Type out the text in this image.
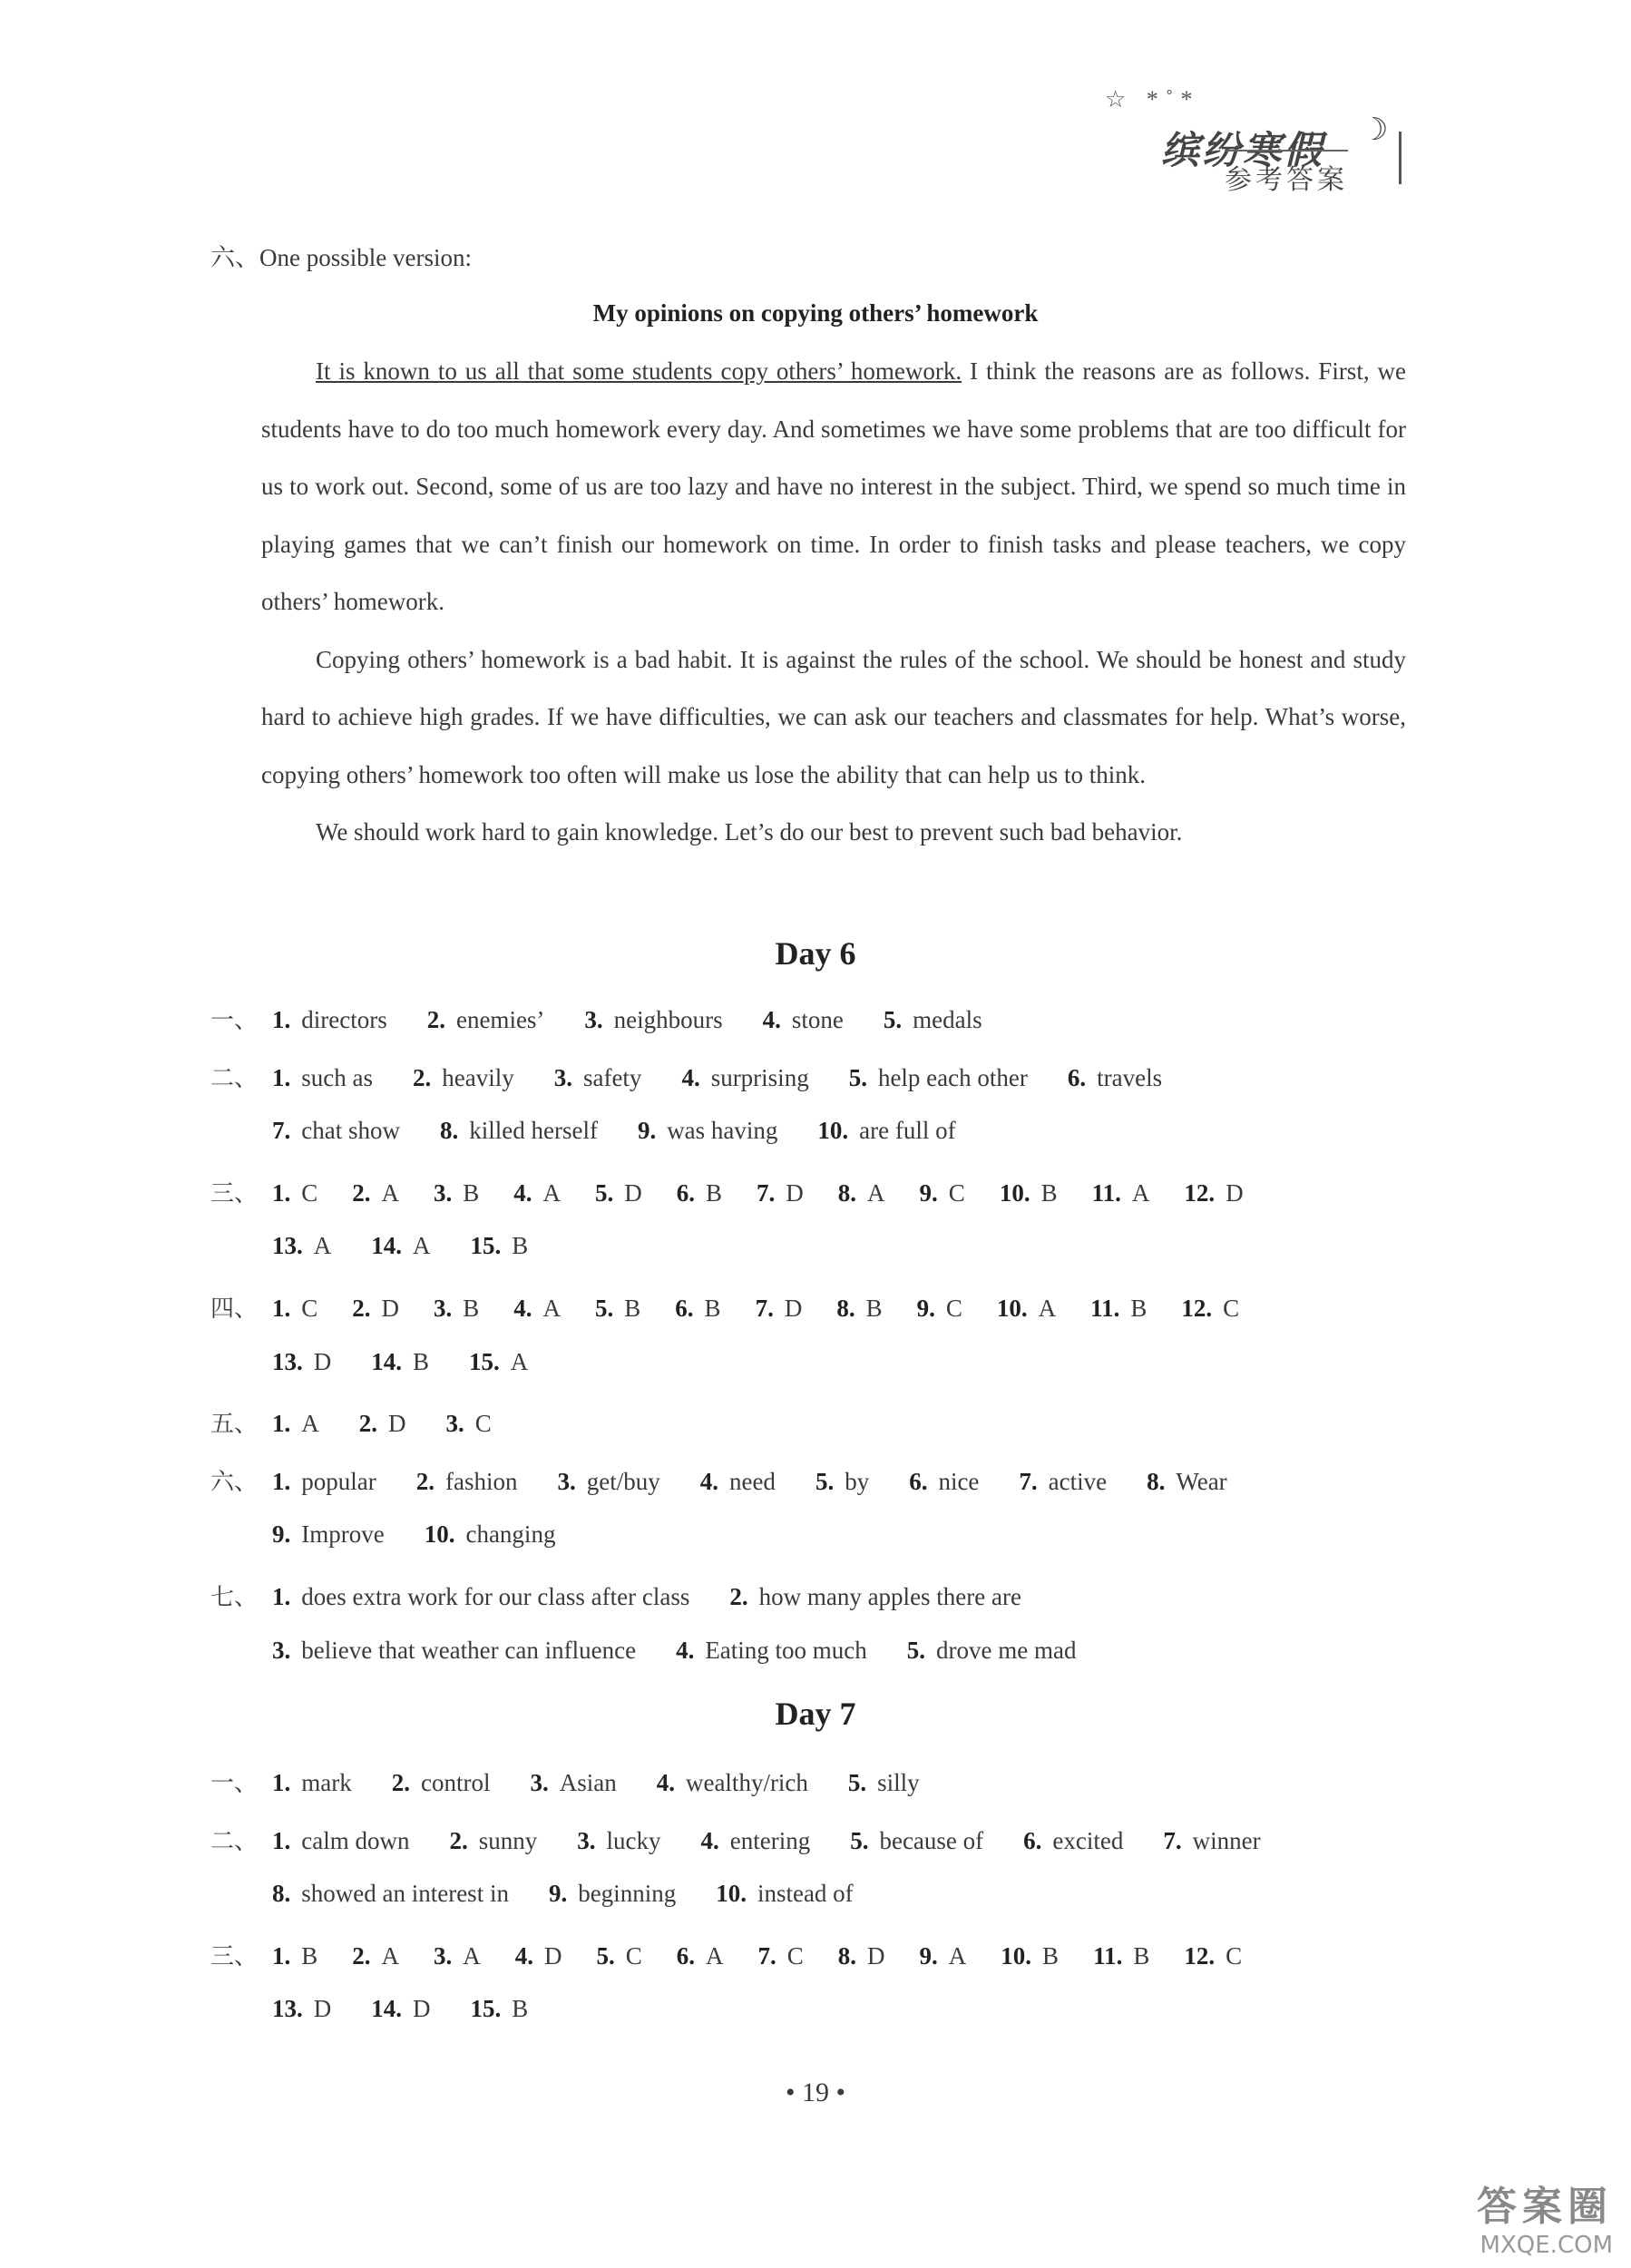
☆ *˚*
缤纷寒假 ☽
参考答案
六、One possible version:
My opinions on copying others’ homework

It is known to us all that some students copy others’ homework. I think the reasons are as follows. First, we students have to do too much homework every day. And sometimes we have some problems that are too difficult for us to work out. Second, some of us are too lazy and have no interest in the subject. Third, we spend so much time in playing games that we can’t finish our homework on time. In order to finish tasks and please teachers, we copy others’ homework.

Copying others’ homework is a bad habit. It is against the rules of the school. We should be honest and study hard to achieve high grades. If we have difficulties, we can ask our teachers and classmates for help. What’s worse, copying others’ homework too often will make us lose the ability that can help us to think.

We should work hard to gain knowledge. Let’s do our best to prevent such bad behavior.

Day 6
一、 1. directors 2. enemies’ 3. neighbours 4. stone 5. medals
二、 1. such as 2. heavily 3. safety 4. surprising 5. help each other 6. travels
7. chat show 8. killed herself 9. was having 10. are full of
三、 1. C 2. A 3. B 4. A 5. D 6. B 7. D 8. A 9. C 10. B 11. A 12. D
13. A 14. A 15. B
四、 1. C 2. D 3. B 4. A 5. B 6. B 7. D 8. B 9. C 10. A 11. B 12. C
13. D 14. B 15. A
五、 1. A 2. D 3. C
六、 1. popular 2. fashion 3. get/buy 4. need 5. by 6. nice 7. active 8. Wear
9. Improve 10. changing
七、 1. does extra work for our class after class 2. how many apples there are
3. believe that weather can influence 4. Eating too much 5. drove me mad
Day 7
一、 1. mark 2. control 3. Asian 4. wealthy/rich 5. silly
二、 1. calm down 2. sunny 3. lucky 4. entering 5. because of 6. excited 7. winner
8. showed an interest in 9. beginning 10. instead of
三、 1. B 2. A 3. A 4. D 5. C 6. A 7. C 8. D 9. A 10. B 11. B 12. C
13. D 14. D 15. B
• 19 •
答案圈
MXQE.COM
